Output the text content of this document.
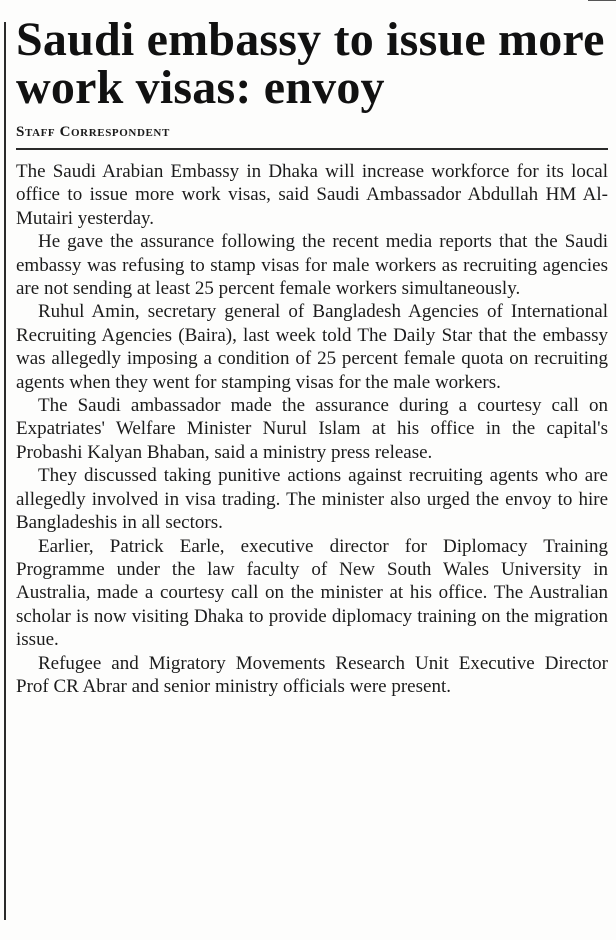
Saudi embassy to issue more work visas: envoy
Staff Correspondent

The Saudi Arabian Embassy in Dhaka will increase workforce for its local office to issue more work visas, said Saudi Ambassador Abdullah HM Al-Mutairi yesterday.

He gave the assurance following the recent media reports that the Saudi embassy was refusing to stamp visas for male workers as recruiting agencies are not sending at least 25 percent female workers simultaneously.

Ruhul Amin, secretary general of Bangladesh Agencies of International Recruiting Agencies (Baira), last week told The Daily Star that the embassy was allegedly imposing a condition of 25 percent female quota on recruiting agents when they went for stamping visas for the male workers.

The Saudi ambassador made the assurance during a courtesy call on Expatriates' Welfare Minister Nurul Islam at his office in the capital's Probashi Kalyan Bhaban, said a ministry press release.

They discussed taking punitive actions against recruiting agents who are allegedly involved in visa trading. The minister also urged the envoy to hire Bangladeshis in all sectors.

Earlier, Patrick Earle, executive director for Diplomacy Training Programme under the law faculty of New South Wales University in Australia, made a courtesy call on the minister at his office. The Australian scholar is now visiting Dhaka to provide diplomacy training on the migration issue.

Refugee and Migratory Movements Research Unit Executive Director Prof CR Abrar and senior ministry officials were present.
